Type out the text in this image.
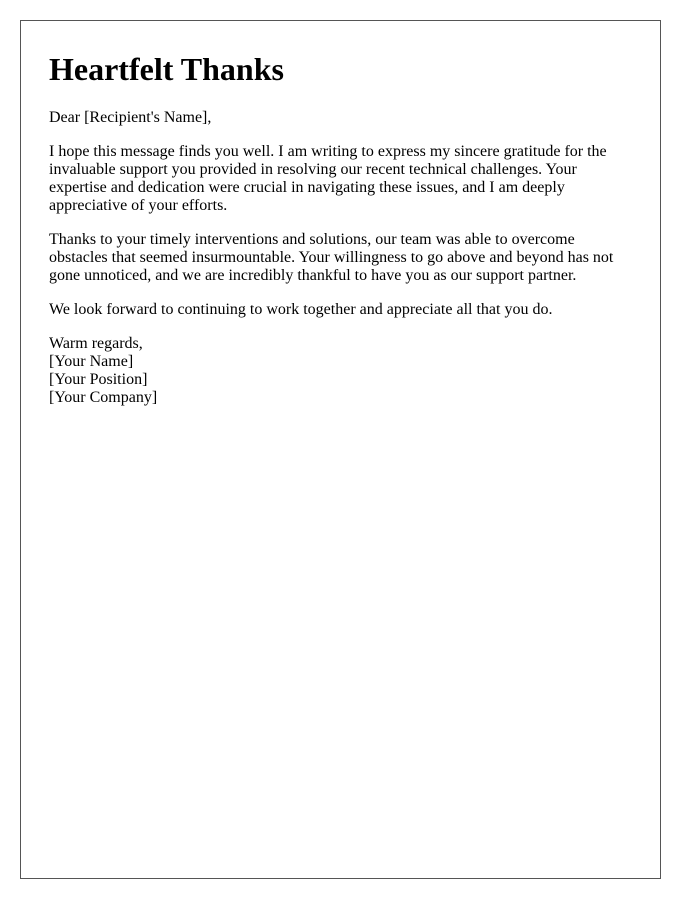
Heartfelt Thanks

Dear [Recipient's Name],

I hope this message finds you well. I am writing to express my sincere gratitude for the invaluable support you provided in resolving our recent technical challenges. Your expertise and dedication were crucial in navigating these issues, and I am deeply appreciative of your efforts.

Thanks to your timely interventions and solutions, our team was able to overcome obstacles that seemed insurmountable. Your willingness to go above and beyond has not gone unnoticed, and we are incredibly thankful to have you as our support partner.

We look forward to continuing to work together and appreciate all that you do.

Warm regards,

[Your Name]

[Your Position]

[Your Company]
